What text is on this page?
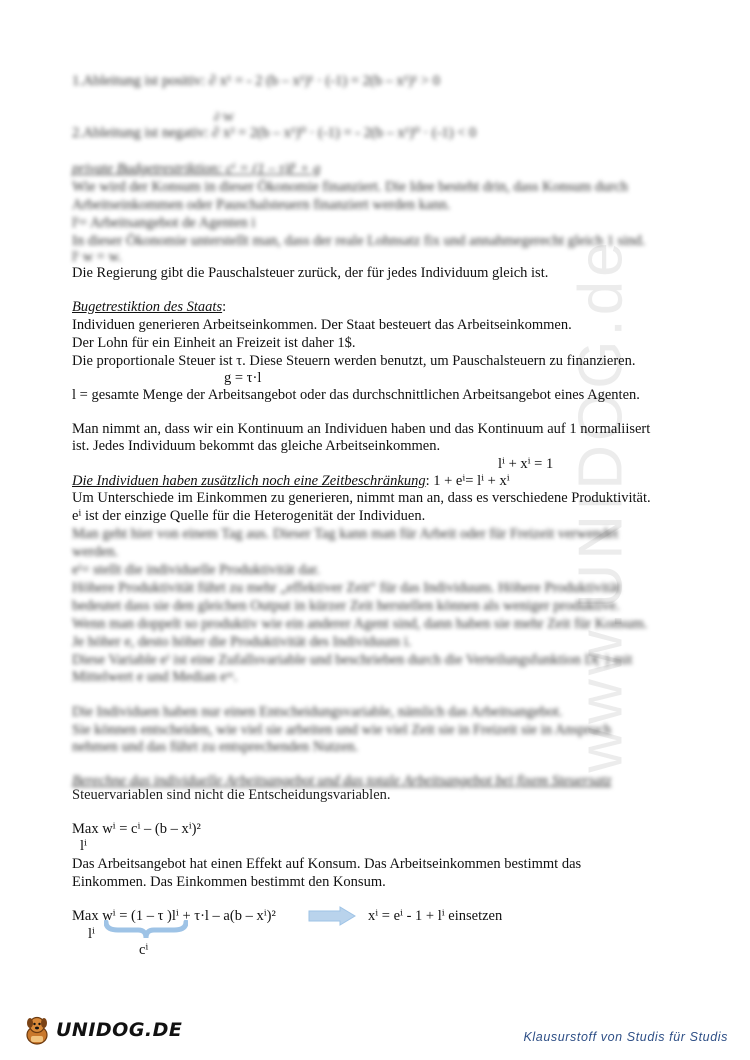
www.UNIDOG.de
1.Ableitung ist positiv: ∂ x¹ = - 2 (b – x¹)¹ · (-1) = 2(b – x¹)¹ > 0
∂ W
2.Ableitung ist negativ: ∂ x² = 2(b – x¹)⁰ · (-1) = - 2(b – x¹)⁰ · (-1) < 0
private Budgetrestriktion: cⁱ = (1 – τ)lⁱ + g
Wie wird der Konsum in dieser Ökonomie finanziert. Die Idee besteht drin, dass Konsum durch
Arbeitseinkommen oder Pauschalsteuern finanziert werden kann.
lⁱ= Arbeitsangebot de Agenten i
In dieser Ökonomie unterstellt man, dass der reale Lohnsatz fix und annahmegerecht gleich 1 sind.
lⁱ w = w.
Die Regierung gibt die Pauschalsteuer zurück, der für jedes Individuum gleich ist.
Bugetrestiktion des Staats:
Individuen generieren Arbeitseinkommen. Der Staat besteuert das Arbeitseinkommen.
Der Lohn für ein Einheit an Freizeit ist daher 1$.
Die proportionale Steuer ist τ. Diese Steuern werden benutzt, um Pauschalsteuern zu finanzieren.
g = τ·l
l = gesamte Menge der Arbeitsangebot oder das durchschnittlichen Arbeitsangebot eines Agenten.
Man nimmt an, dass wir ein Kontinuum an Individuen haben und das Kontinuum auf 1 normaliisert
ist. Jedes Individuum bekommt das gleiche Arbeitseinkommen.
lⁱ + xⁱ = 1
Die Individuen haben zusätzlich noch eine Zeitbeschränkung: 1 + eⁱ= lⁱ + xⁱ
Um Unterschiede im Einkommen zu generieren, nimmt man an, dass es verschiedene Produktivität.
eⁱ ist der einzige Quelle für die Heterogenität der Individuen.
Man geht hier von einem Tag aus. Dieser Tag kann man für Arbeit oder für Freizeit verwendet
werden.
eⁱ= stellt die individuelle Produktivität dar.
Höhere Produktivität führt zu mehr „effektiver Zeit“ für das Individuum. Höhere Produktivität
bedeutet dass sie den gleichen Output in kürzer Zeit herstellen können als weniger produktive.
Wenn man doppelt so produktiv wie ein anderer Agent sind, dann haben sie mehr Zeit für Konsum.
Je höher e, desto höher die Produktivität des Individuum i.
Diese Variable eⁱ ist eine Zufallsvariable und beschrieben durch die Verteilungsfunktion D(·) mit
Mittelwert e und Median eᵐ.
Die Individuen haben nur einen Entscheidungsvariable, nämlich das Arbeitsangebot.
Sie können entscheiden, wie viel sie arbeiten und wie viel Zeit sie in Freizeit sie in Anspruch
nehmen und das führt zu entsprechenden Nutzen.
Berechne das individuelle Arbeitsangebot und das totale Arbeitsangebot bei fixem Steuersatz
Steuervariablen sind nicht die Entscheidungsvariablen.
Max wⁱ = cⁱ – (b – xⁱ)²
lⁱ
Das Arbeitsangebot hat einen Effekt auf Konsum. Das Arbeitseinkommen bestimmt das
Einkommen. Das Einkommen bestimmt den Konsum.
Max wⁱ = (1 – τ )lⁱ + τ·l – a(b – xⁱ)²
lⁱ
cⁱ
xⁱ = eⁱ - 1 + lⁱ einsetzen
UNIDOG.DE	Klausurstoff von Studis für Studis
